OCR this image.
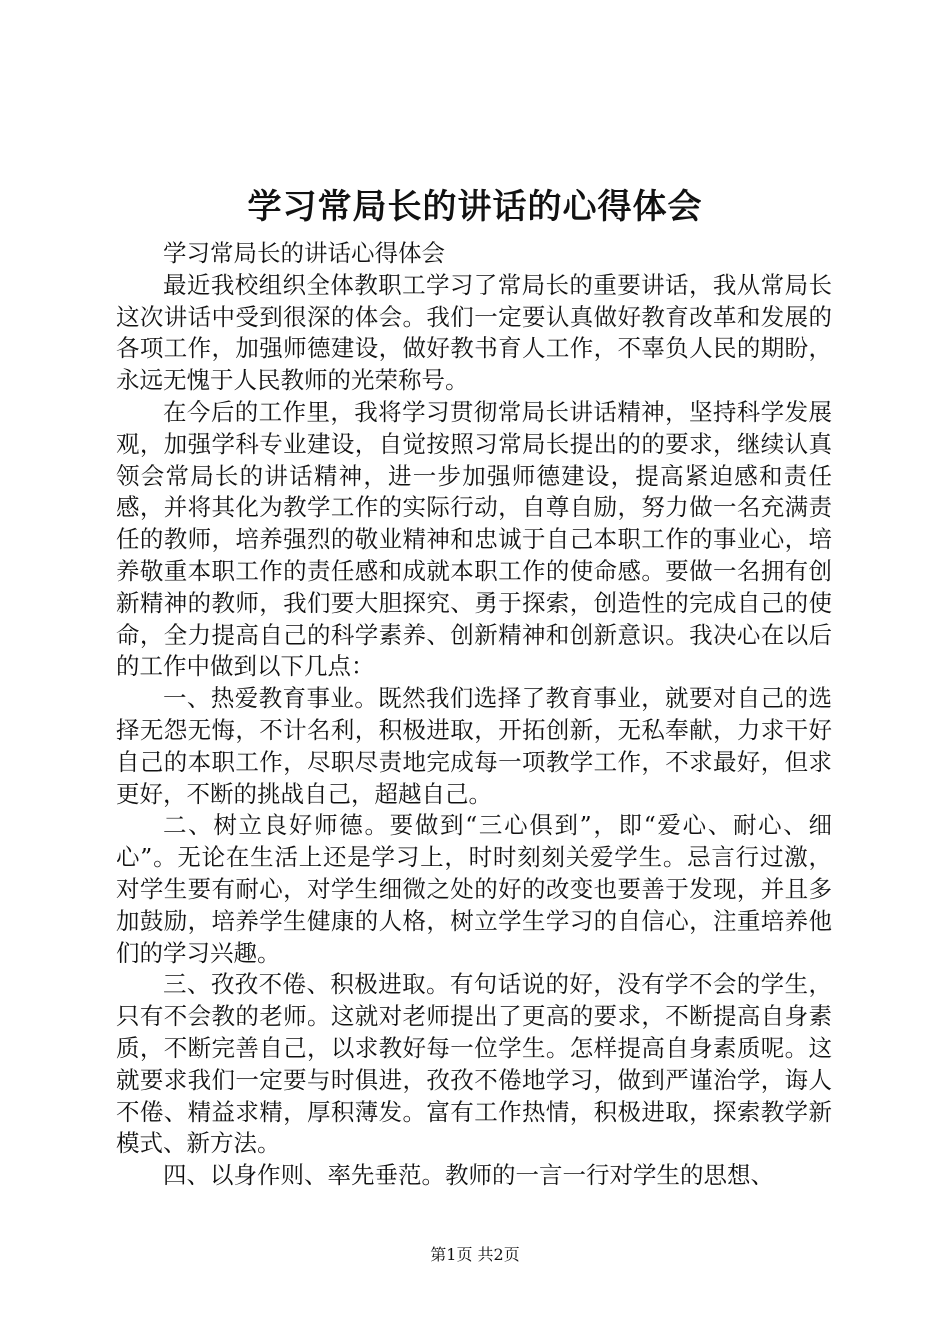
学习常局长的讲话的心得体会

学习常局长的讲话心得体会

最近我校组织全体教职工学习了常局长的重要讲话，我从常局长这次讲话中受到很深的体会。我们一定要认真做好教育改革和发展的各项工作，加强师德建设，做好教书育人工作，不辜负人民的期盼，永远无愧于人民教师的光荣称号。

在今后的工作里，我将学习贯彻常局长讲话精神，坚持科学发展观，加强学科专业建设，自觉按照习常局长提出的的要求，继续认真领会常局长的讲话精神，进一步加强师德建设，提高紧迫感和责任感，并将其化为教学工作的实际行动，自尊自励，努力做一名充满责任的教师，培养强烈的敬业精神和忠诚于自己本职工作的事业心，培养敬重本职工作的责任感和成就本职工作的使命感。要做一名拥有创新精神的教师，我们要大胆探究、勇于探索，创造性的完成自己的使命，全力提高自己的科学素养、创新精神和创新意识。我决心在以后的工作中做到以下几点：

一、热爱教育事业。既然我们选择了教育事业，就要对自己的选择无怨无悔，不计名利，积极进取，开拓创新，无私奉献，力求干好自己的本职工作，尽职尽责地完成每一项教学工作，不求最好，但求更好，不断的挑战自己，超越自己。

二、树立良好师德。要做到“三心俱到”，即“爱心、耐心、细心”。无论在生活上还是学习上，时时刻刻关爱学生。忌言行过激，对学生要有耐心，对学生细微之处的好的改变也要善于发现，并且多加鼓励，培养学生健康的人格，树立学生学习的自信心，注重培养他们的学习兴趣。

三、孜孜不倦、积极进取。有句话说的好，没有学不会的学生，只有不会教的老师。这就对老师提出了更高的要求，不断提高自身素质，不断完善自己，以求教好每一位学生。怎样提高自身素质呢。这就要求我们一定要与时俱进，孜孜不倦地学习，做到严谨治学，诲人不倦、精益求精，厚积薄发。富有工作热情，积极进取，探索教学新模式、新方法。

四、以身作则、率先垂范。教师的一言一行对学生的思想、

第1页 共2页
